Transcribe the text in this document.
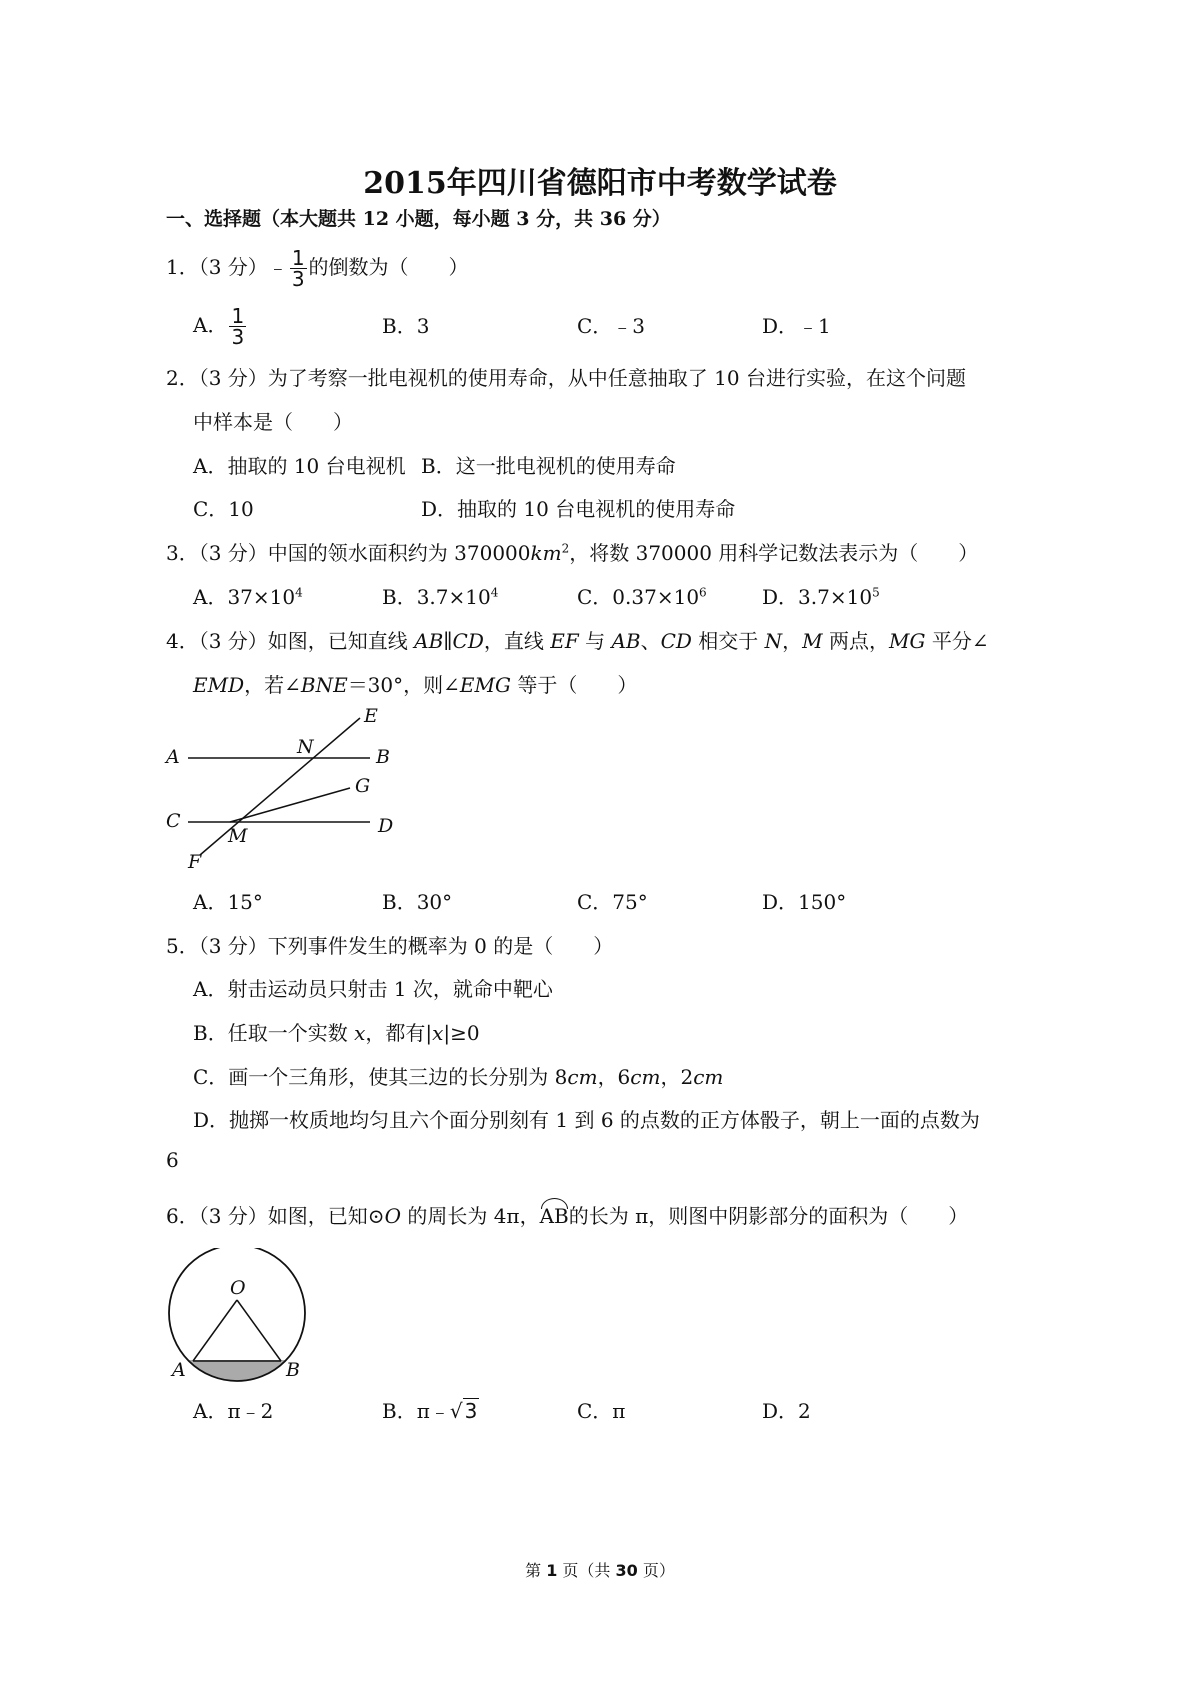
2015年四川省德阳市中考数学试卷
一、选择题（本大题共 12 小题，每小题 3 分，共 36 分）
1．（3 分）﹣ $\frac{1}{3}$ 的倒数为（　　）
A． $\frac{1}{3}$	B．3	C．﹣3	D．﹣1
2．（3 分）为了考察一批电视机的使用寿命，从中任意抽取了 10 台进行实验，在这个问题
中样本是（　　）
A．抽取的 10 台电视机 B．这一批电视机的使用寿命
C．10	D．抽取的 10 台电视机的使用寿命
3．（3 分）中国的领水面积约为 $370000km^2$，将数 370000 用科学记数法表示为（　　）
A．$37\times 10^4$	B．$3.7\times 10^4$	C．$0.37\times 10^6$	D．$3.7\times 10^5$
4．（3 分）如图，已知直线 AB∥CD，直线 EF 与 AB、CD 相交于 N，M 两点，MG 平分∠
EMD，若∠BNE＝30°，则∠EMG 等于（　　）
A	B
C	D
E
F
G
N
M
A．15°	B．30°	C．75°	D．150°
5．（3 分）下列事件发生的概率为 0 的是（　　）
A．射击运动员只射击 1 次，就命中靶心
B．任取一个实数 x，都有|x|≥0
C．画一个三角形，使其三边的长分别为 8cm，6cm，2cm
D．抛掷一枚质地均匀且六个面分别刻有 1 到 6 的点数的正方体骰子，朝上一面的点数为
6
6．（3 分）如图，已知⊙O 的周长为 4π，AB的长为 π，则图中阴影部分的面积为（　　）
O
A	B
A．π﹣2	B．π﹣√ 3	C．π	D．2
第 1 页（共 30 页）
